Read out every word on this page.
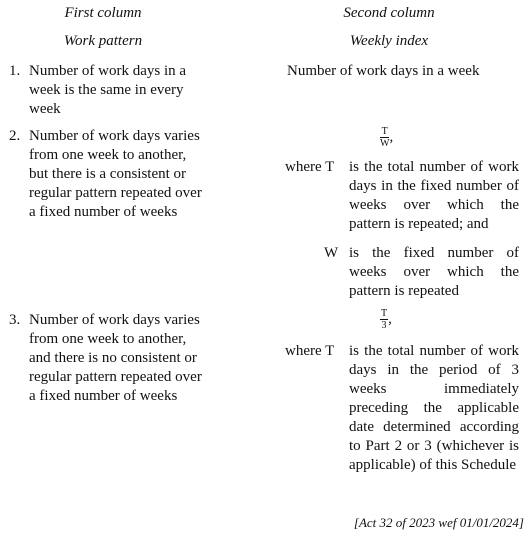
First column	Second column
Work pattern	Weekly index
1. Number of work days in a week is the same in every week
Number of work days in a week
2. Number of work days varies from one week to another, but there is a consistent or regular pattern repeated over a fixed number of weeks
$\frac{T}{W}$ ,
where T is the total number of work days in the fixed number of weeks over which the pattern is repeated; and
W is the fixed number of weeks over which the pattern is repeated
3. Number of work days varies from one week to another, and there is no consistent or regular pattern repeated over a fixed number of weeks
$\frac{T}{3}$ ,
where T is the total number of work days in the period of 3 weeks immediately preceding the applicable date determined according to Part 2 or 3 (whichever is applicable) of this Schedule
[Act 32 of 2023 wef 01/01/2024]
